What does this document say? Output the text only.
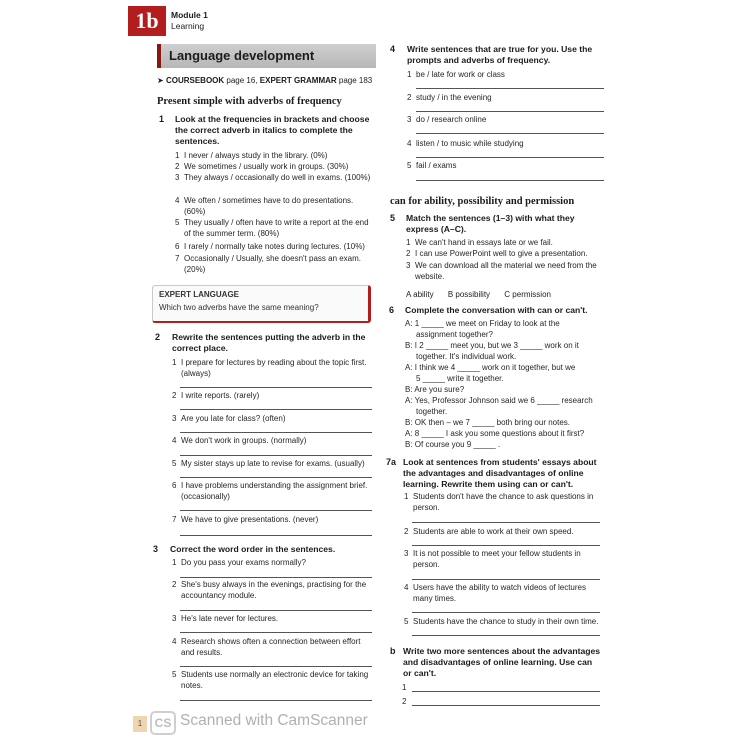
1b	Module 1
Learning
Language development
➤ COURSEBOOK page 16, EXPERT GRAMMAR page 183
Present simple with adverbs of frequency
1 Look at the frequencies in brackets and choose the correct adverb in italics to complete the sentences.
1 I never / always study in the library. (0%)
2 We sometimes / usually work in groups. (30%)
3 They always / occasionally do well in exams. (100%)
4 We often / sometimes have to do presentations. (60%)
5 They usually / often have to write a report at the end of the summer term. (80%)
6 I rarely / normally take notes during lectures. (10%)
7 Occasionally / Usually, she doesn't pass an exam. (20%)
EXPERT LANGUAGE
Which two adverbs have the same meaning?
2 Rewrite the sentences putting the adverb in the correct place.
1 I prepare for lectures by reading about the topic first. (always)
2 I write reports. (rarely)
3 Are you late for class? (often)
4 We don't work in groups. (normally)
5 My sister stays up late to revise for exams. (usually)
6 I have problems understanding the assignment brief. (occasionally)
7 We have to give presentations. (never)
3 Correct the word order in the sentences.
1 Do you pass your exams normally?
2 She's busy always in the evenings, practising for the accountancy module.
3 He's late never for lectures.
4 Research shows often a connection between effort and results.
5 Students use normally an electronic device for taking notes.
4 Write sentences that are true for you. Use the prompts and adverbs of frequency.
1 be / late for work or class
2 study / in the evening
3 do / research online
4 listen / to music while studying
5 fail / exams
can for ability, possibility and permission
5 Match the sentences (1–3) with what they express (A–C).
1 We can't hand in essays late or we fail.
2 I can use PowerPoint well to give a presentation.
3 We can download all the material we need from the website.
A ability B possibility C permission
6 Complete the conversation with can or can't.
A: 1 _____ we meet on Friday to look at the
assignment together?
B: I 2 _____ meet you, but we 3 _____ work on it
together. It's individual work.
A: I think we 4 _____ work on it together, but we
5 _____ write it together.
B: Are you sure?
A: Yes, Professor Johnson said we 6 _____ research
together.
B: OK then – we 7 _____ both bring our notes.
A: 8 _____ I ask you some questions about it first?
B: Of course you 9 _____ .
7a Look at sentences from students' essays about the advantages and disadvantages of online learning. Rewrite them using can or can't.
1 Students don't have the chance to ask questions in person.
2 Students are able to work at their own speed.
3 It is not possible to meet your fellow students in person.
4 Users have the ability to watch videos of lectures many times.
5 Students have the chance to study in their own time.
b Write two more sentences about the advantages and disadvantages of online learning. Use can or can't.
1
2
1	CS Scanned with CamScanner
